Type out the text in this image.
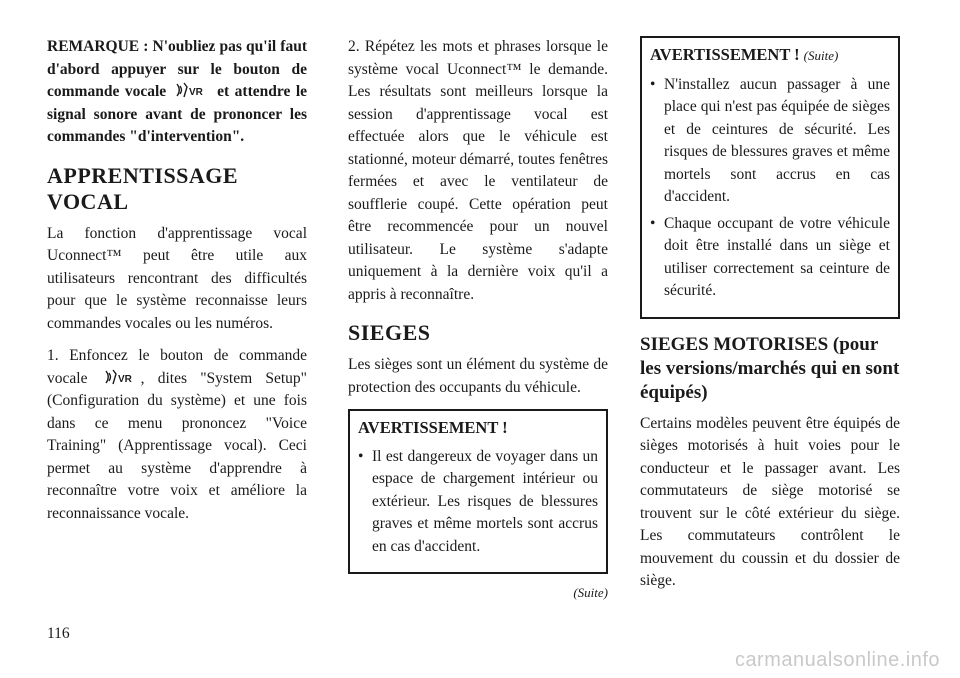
REMARQUE : N'oubliez pas qu'il faut d'abord appuyer sur le bouton de commande vocale VR et attendre le signal sonore avant de prononcer les commandes "d'intervention".

APPRENTISSAGE VOCAL

La fonction d'apprentissage vocal Uconnect™ peut être utile aux utilisateurs rencontrant des difficultés pour que le système reconnaisse leurs commandes vocales ou les numéros.

1. Enfoncez le bouton de commande vocale	VR , dites "System Setup" (Configuration du système) et une fois dans ce menu prononcez "Voice Training" (Apprentissage vocal). Ceci permet au système d'apprendre à reconnaître votre voix et améliore la reconnaissance vocale.

2. Répétez les mots et phrases lorsque le système vocal Uconnect™ le demande. Les résultats sont meilleurs lorsque la session d'apprentissage vocal est effectuée alors que le véhicule est stationné, moteur démarré, toutes fenêtres fermées et avec le ventilateur de soufflerie coupé. Cette opération peut être recommencée pour un nouvel utilisateur. Le système s'adapte uniquement à la dernière voix qu'il a appris à reconnaître.

SIEGES

Les sièges sont un élément du système de protection des occupants du véhicule.

AVERTISSEMENT !
• Il est dangereux de voyager dans un espace de chargement intérieur ou extérieur. Les risques de blessures graves et même mortels sont accrus en cas d'accident.
(Suite)
AVERTISSEMENT ! (Suite)
• N'installez aucun passager à une place qui n'est pas équipée de sièges et de ceintures de sécurité. Les risques de blessures graves et même mortels sont accrus en cas d'accident.
• Chaque occupant de votre véhicule doit être installé dans un siège et utiliser correctement sa ceinture de sécurité.
SIEGES MOTORISES (pour les versions/marchés qui en sont équipés)

Certains modèles peuvent être équipés de sièges motorisés à huit voies pour le conducteur et le passager avant. Les commutateurs de siège motorisé se trouvent sur le côté extérieur du siège. Les commutateurs contrôlent le mouvement du coussin et du dossier de siège.

116
carmanualsonline.info
